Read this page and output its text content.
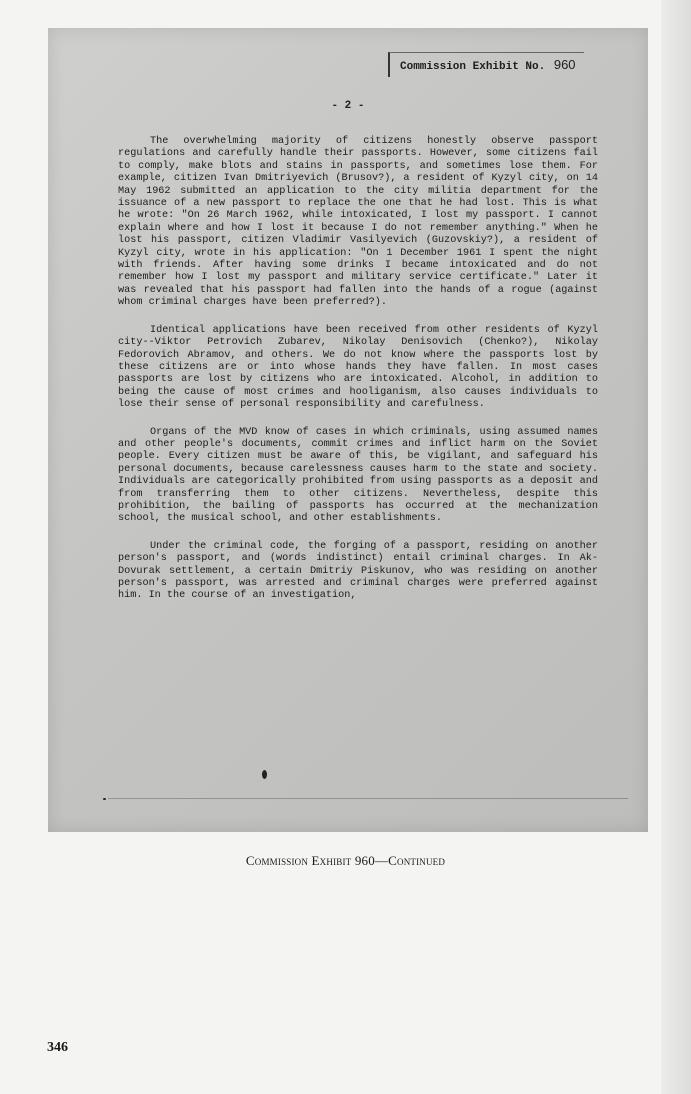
Commission Exhibit No. 960
- 2 -

The overwhelming majority of citizens honestly observe passport regulations and carefully handle their passports. However, some citizens fail to comply, make blots and stains in passports, and sometimes lose them. For example, citizen Ivan Dmitriyevich (Brusov?), a resident of Kyzyl city, on 14 May 1962 submitted an application to the city militia department for the issuance of a new passport to replace the one that he had lost. This is what he wrote: "On 26 March 1962, while intoxicated, I lost my passport. I cannot explain where and how I lost it because I do not remember anything." When he lost his passport, citizen Vladimir Vasilyevich (Guzovskiy?), a resident of Kyzyl city, wrote in his application: "On 1 December 1961 I spent the night with friends. After having some drinks I became intoxicated and do not remember how I lost my passport and military service certificate." Later it was revealed that his passport had fallen into the hands of a rogue (against whom criminal charges have been preferred?).

Identical applications have been received from other residents of Kyzyl city--Viktor Petrovich Zubarev, Nikolay Denisovich (Chenko?), Nikolay Fedorovich Abramov, and others. We do not know where the passports lost by these citizens are or into whose hands they have fallen. In most cases passports are lost by citizens who are intoxicated. Alcohol, in addition to being the cause of most crimes and hooliganism, also causes individuals to lose their sense of personal responsibility and carefulness.

Organs of the MVD know of cases in which criminals, using assumed names and other people's documents, commit crimes and inflict harm on the Soviet people. Every citizen must be aware of this, be vigilant, and safeguard his personal documents, because carelessness causes harm to the state and society. Individuals are categorically prohibited from using passports as a deposit and from transferring them to other citizens. Nevertheless, despite this prohibition, the bailing of passports has occurred at the mechanization school, the musical school, and other establishments.

Under the criminal code, the forging of a passport, residing on another person's passport, and (words indistinct) entail criminal charges. In Ak-Dovurak settlement, a certain Dmitriy Piskunov, who was residing on another person's passport, was arrested and criminal charges were preferred against him. In the course of an investigation,

Commission Exhibit 960—Continued
346
